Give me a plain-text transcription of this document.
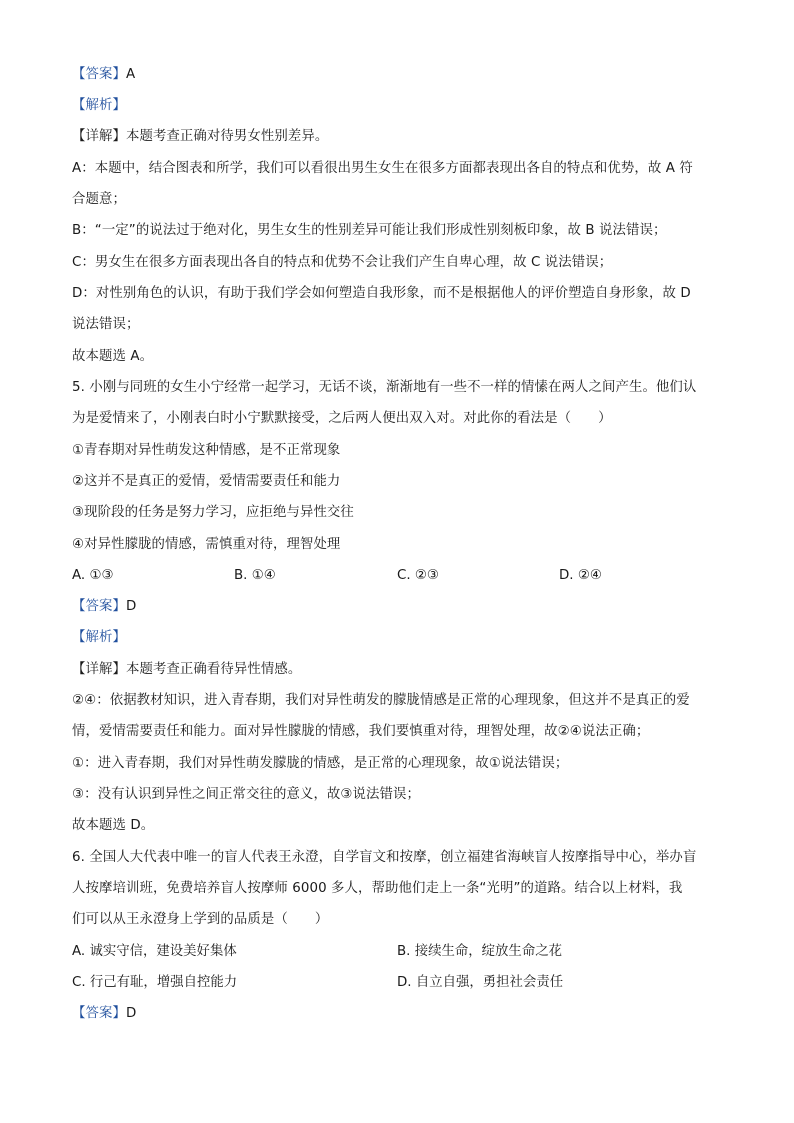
【答案】A
【解析】
【详解】本题考查正确对待男女性别差异。
A：本题中，结合图表和所学，我们可以看很出男生女生在很多方面都表现出各自的特点和优势，故 A 符
合题意；
B：“一定”的说法过于绝对化，男生女生的性别差异可能让我们形成性别刻板印象，故 B 说法错误；
C：男女生在很多方面表现出各自的特点和优势不会让我们产生自卑心理，故 C 说法错误；
D：对性别角色的认识，有助于我们学会如何塑造自我形象，而不是根据他人的评价塑造自身形象，故 D
说法错误；
故本题选 A。
5. 小刚与同班的女生小宁经常一起学习，无话不谈，渐渐地有一些不一样的情愫在两人之间产生。他们认
为是爱情来了，小刚表白时小宁默默接受，之后两人便出双入对。对此你的看法是（　　）
①青春期对异性萌发这种情感，是不正常现象
②这并不是真正的爱情，爱情需要责任和能力
③现阶段的任务是努力学习，应拒绝与异性交往
④对异性朦胧的情感，需慎重对待，理智处理
A. ①③	B. ①④	C. ②③	D. ②④
【答案】D
【解析】
【详解】本题考查正确看待异性情感。
②④：依据教材知识，进入青春期，我们对异性萌发的朦胧情感是正常的心理现象，但这并不是真正的爱
情，爱情需要责任和能力。面对异性朦胧的情感，我们要慎重对待，理智处理，故②④说法正确；
①：进入青春期，我们对异性萌发朦胧的情感，是正常的心理现象，故①说法错误；
③：没有认识到异性之间正常交往的意义，故③说法错误；
故本题选 D。
6. 全国人大代表中唯一的盲人代表王永澄，自学盲文和按摩，创立福建省海峡盲人按摩指导中心，举办盲
人按摩培训班，免费培养盲人按摩师 6000 多人，帮助他们走上一条“光明”的道路。结合以上材料，我
们可以从王永澄身上学到的品质是（　　）
A. 诚实守信，建设美好集体	B. 接续生命，绽放生命之花
C. 行己有耻，增强自控能力	D. 自立自强，勇担社会责任
【答案】D
